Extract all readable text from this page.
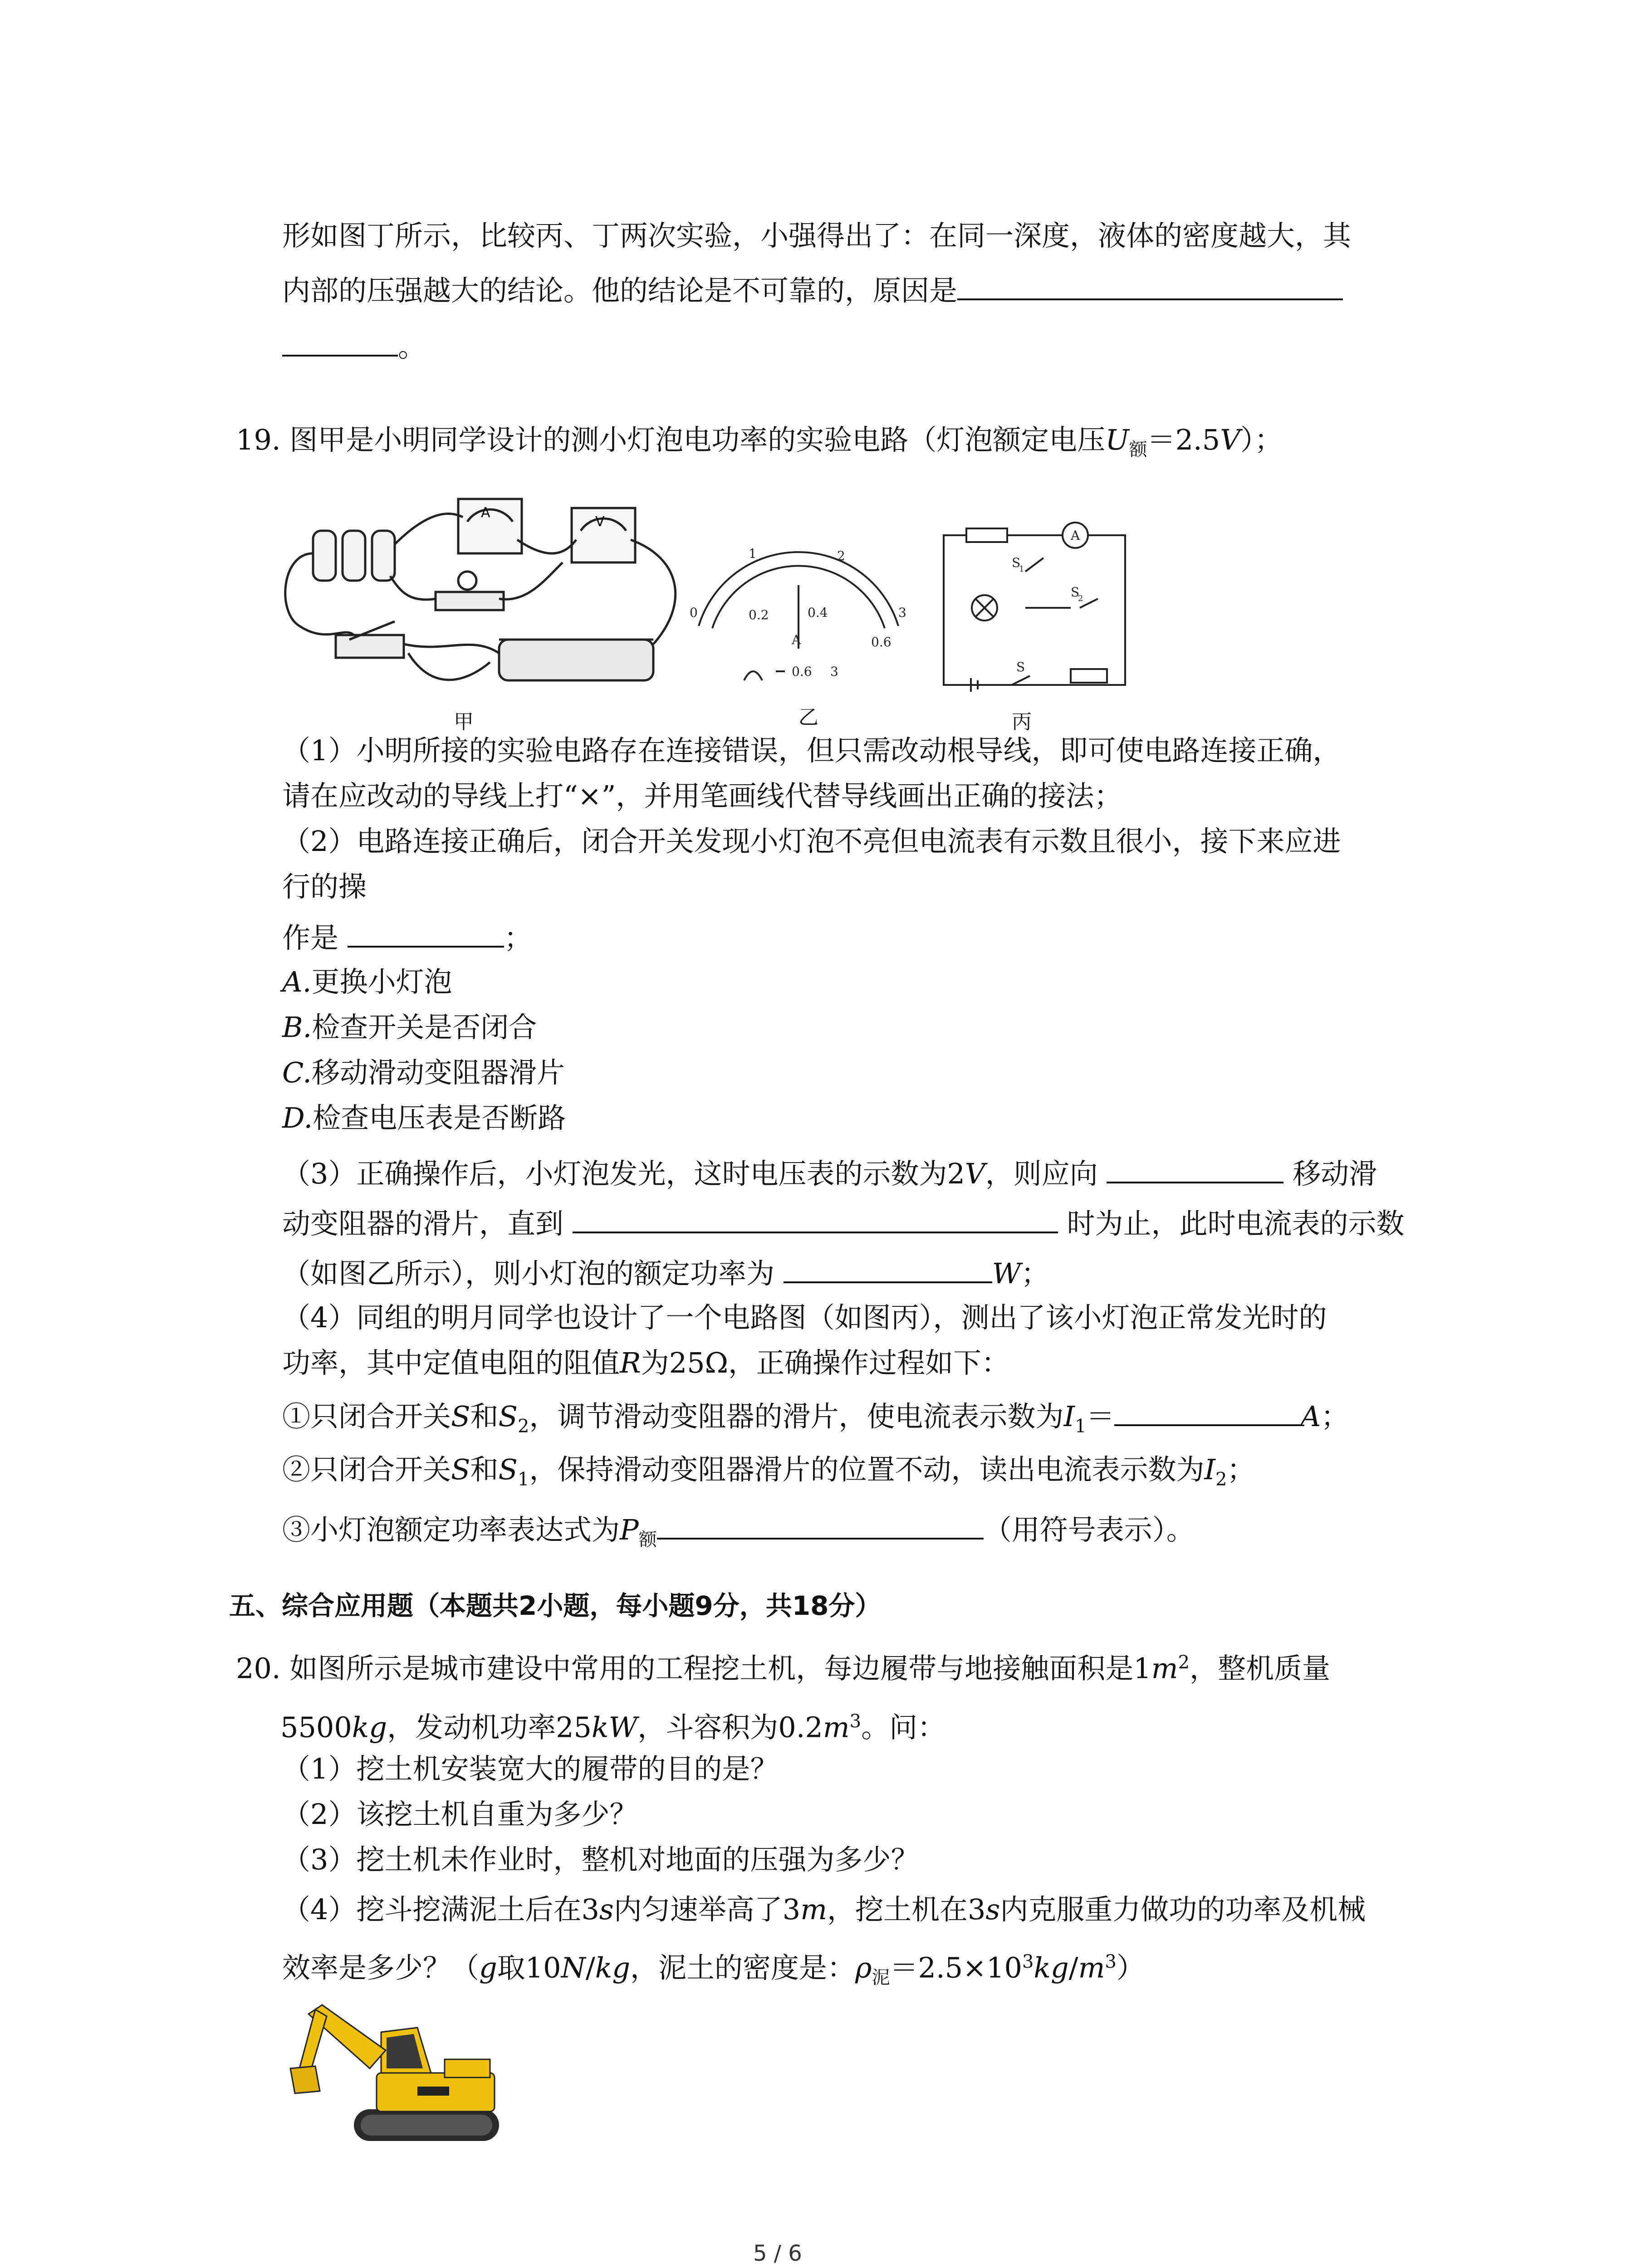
形如图丁所示，比较丙、丁两次实验，小强得出了：在同一深度，液体的密度越大，其
内部的压强越大的结论。他的结论是不可靠的，原因是
。
19. 图甲是小明同学设计的测小灯泡电功率的实验电路（灯泡额定电压$U_额=2.5V$）；
A
V
甲
0
1	2
3
0.2	0.4
0.6
A
0.6 3
乙
A
S
1
S
2
S
丙
（1）小明所接的实验电路存在连接错误，但只需改动根导线，即可使电路连接正确，
请在应改动的导线上打“×”，并用笔画线代替导线画出正确的接法；
（2）电路连接正确后，闭合开关发现小灯泡不亮但电流表有示数且很小，接下来应进
行的操
作是	；
A.更换小灯泡
B.检查开关是否闭合
C.移动滑动变阻器滑片
D.检查电压表是否断路
（3）正确操作后，小灯泡发光，这时电压表的示数为2V，则应向	移动滑
动变阻器的滑片，直到	时为止，此时电流表的示数
（如图乙所示），则小灯泡的额定功率为	W；
（4）同组的明月同学也设计了一个电路图（如图丙），测出了该小灯泡正常发光时的
功率，其中定值电阻的阻值R为25Ω，正确操作过程如下：
①只闭合开关S和$S_2$，调节滑动变阻器的滑片，使电流表示数为$I_1=$	A；
②只闭合开关S和$S_1$，保持滑动变阻器滑片的位置不动，读出电流表示数为$I_2$；
③小灯泡额定功率表达式为$P_额$	（用符号表示）。
五、综合应用题（本题共2小题，每小题9分，共18分）
20. 如图所示是城市建设中常用的工程挖土机，每边履带与地接触面积是$1m^2$，整机质量
5500kg，发动机功率25kW，斗容积为$0.2m^3$。问：
（1）挖土机安装宽大的履带的目的是？
（2）该挖土机自重为多少？
（3）挖土机未作业时，整机对地面的压强为多少？
（4）挖斗挖满泥土后在3s内匀速举高了3m，挖土机在3s内克服重力做功的功率及机械
效率是多少？（g取10N/kg，泥土的密度是：$\rho_泥=2.5\times 10^3kg/m^3$）
5 / 6
